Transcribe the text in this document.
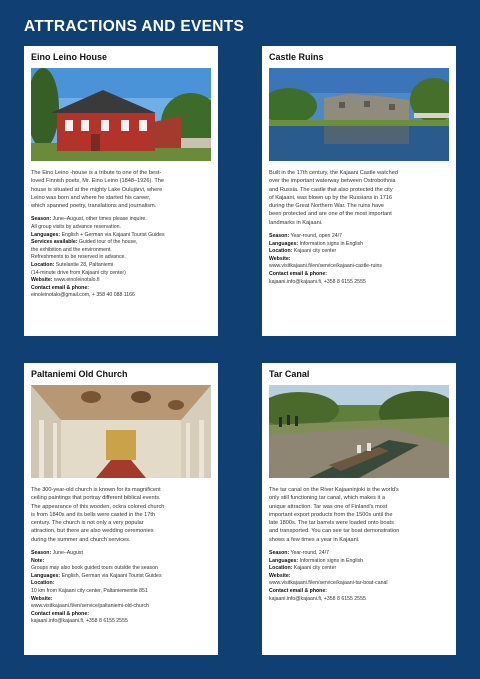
ATTRACTIONS AND EVENTS
Eino Leino House
The Eino Leino -house is a tribute to one of the best-
loved Finnish poets, Mr. Eino Leino (1848–1926). The
house is situated at the mighty Lake Oulujärvi, where
Leino was born and where he started his career,
which spanned poetry, translations and journalism.
Season: June–August, other times please inquire.
All group visits by advance reservation.
Languages: English + German via Kajaani Tourist Guides
Services available: Guided tour of the house,
the exhibition and the environment.
Refreshments to be reserved in advance.
Location: Sutelantie 28, Paltaniemi
(14-minute drive from Kajaani city center)
Website: www.einoleinotalo.fi
Contact email & phone:
einoleinotalo@gmail.com, + 358 40 088 1166
Castle Ruins
Built in the 17th century, the Kajaani Castle watched
over the important waterway between Ostrobothnia
and Russia. The castle that also protected the city
of Kajaani, was blown up by the Russians in 1716
during the Great Northern War. The ruins have
been protected and are one of the most important
landmarks in Kajaani.
Season: Year-round, open 24/7
Languages: Information signs in English
Location: Kajaani city center
Website:
www.visitkajaani.fi/en/service/kajaani-castle-ruins
Contact email & phone:
kajaani.info@kajaani.fi, +358 8 6155 2555
Paltaniemi Old Church
The 300-year-old church is known for its magnificent
ceiling paintings that portray different biblical events.
The appearance of this wooden, ockra colored church
is from 1840s and its bells were casted in the 17th
century. The church is not only a very popular
attraction, but there are also wedding ceremonies
during the summer and church services.
Season: June–August
Note:
Groups may also book guided tours outside the season
Languages: English, German via Kajaani Tourist Guides
Location:
10 km from Kajaani city center, Paltaniementie 851
Website:
www.visitkajaani.fi/en/service/paltaniemi-old-church
Contact email & phone:
kajaani.info@kajaani.fi, +358 8 6155 2555
Tar Canal
The tar canal on the River Kajaaninjoki is the world's
only still functioning tar canal, which makes it a
unique attraction. Tar was one of Finland's most
important export products from the 1500s until the
late 1800s. The tar barrels were loaded onto boats
and transported. You can see tar boat demonstration
shows a few times a year in Kajaani.
Season: Year-round, 24/7
Languages: Information signs in English
Location: Kajaani city center
Website:
www.visitkajaani.fi/en/service/kajaani-tar-boat-canal
Contact email & phone:
kajaani.info@kajaani.fi, +358 8 6155 2555
